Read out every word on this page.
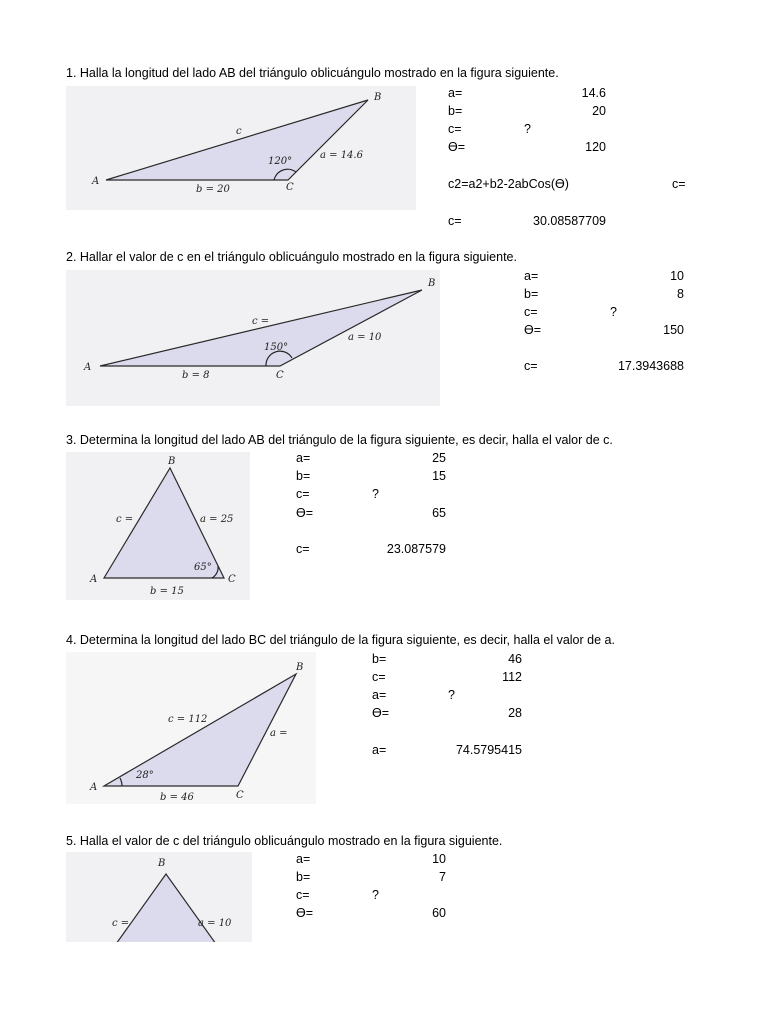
1. Halla la longitud del lado AB del triángulo oblicuángulo mostrado en la figura siguiente.
A
B
C
c
a = 14.6
b = 20
120°
a=	14.6
b=	20
c=	?
ϴ=	120
c2=a2+b2-2abCos(ϴ)	c=
c=	30.08587709
2. Hallar el valor de c en el triángulo oblicuángulo mostrado en la figura siguiente.
A
B
C
c =
a = 10
b = 8
150°
a=	10
b=	8
c=	?
ϴ=	150
c=	17.3943688
3. Determina la longitud del lado AB del triángulo de la figura siguiente, es decir, halla el valor de c.
A
B
C
c =	a = 25
b = 15
65°
a=	25
b=	15
c=	?
ϴ=	65
c=	23.087579
4. Determina la longitud del lado BC del triángulo de la figura siguiente, es decir, halla el valor de a.
A
B
C
c = 112
a =
b = 46
28°
b=	46
c=	112
a=	?
ϴ=	28
a=	74.5795415
5. Halla el valor de c del triángulo oblicuángulo mostrado en la figura siguiente.
B
c =	a = 10
a=	10
b=	7
c=	?
ϴ=	60
